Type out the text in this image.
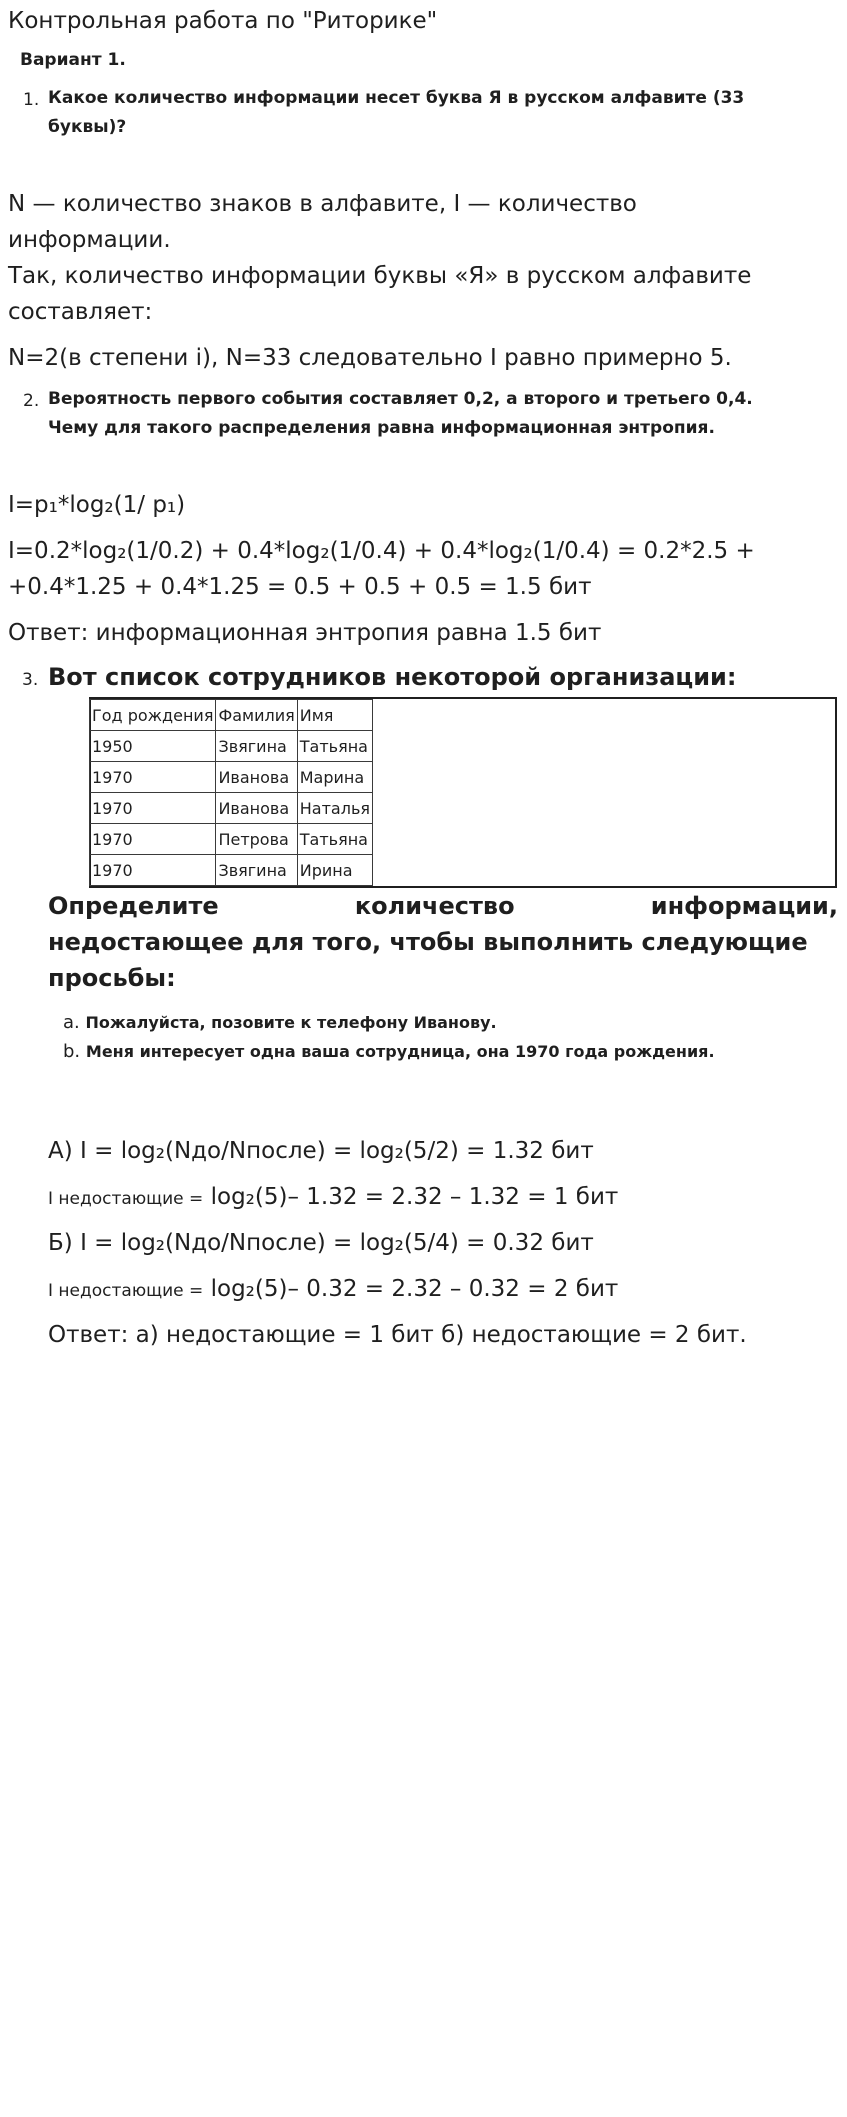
Контрольная работа по "Риторике"
Вариант 1.
1. Какое количество информации несет буква Я в русском алфавите (33
буквы)?
N — количество знаков в алфавите, I — количество
информации.
Так, количество информации буквы «Я» в русском алфавите
составляет:
N=2(в степени i), N=33 следовательно I равно примерно 5.
2. Вероятность первого события составляет 0,2, а второго и третьего 0,4.
Чему для такого распределения равна информационная энтропия.
I=p₁*log₂(1/ p₁)
I=0.2*log₂(1/0.2) + 0.4*log₂(1/0.4) + 0.4*log₂(1/0.4) = 0.2*2.5 +
+0.4*1.25 + 0.4*1.25 = 0.5 + 0.5 + 0.5 = 1.5 бит
Ответ: информационная энтропия равна 1.5 бит
3. Вот список сотрудников некоторой организации:
Год рождения	Фамилия	Имя
1950	Звягина	Татьяна
1970	Иванова	Марина
1970	Иванова	Наталья
1970	Петрова	Татьяна
1970	Звягина	Ирина
Определите	количество	информации,
недостающее для того, чтобы выполнить следующие
просьбы:
a. Пожалуйста, позовите к телефону Иванову.
b. Меня интересует одна ваша сотрудница, она 1970 года рождения.
А) I = log₂(Nдо/Nпосле) = log₂(5/2) = 1.32 бит
I недостающие = log₂(5)– 1.32 = 2.32 – 1.32 = 1 бит
Б) I = log₂(Nдо/Nпосле) = log₂(5/4) = 0.32 бит
I недостающие = log₂(5)– 0.32 = 2.32 – 0.32 = 2 бит
Ответ: а) недостающие = 1 бит б) недостающие = 2 бит.
